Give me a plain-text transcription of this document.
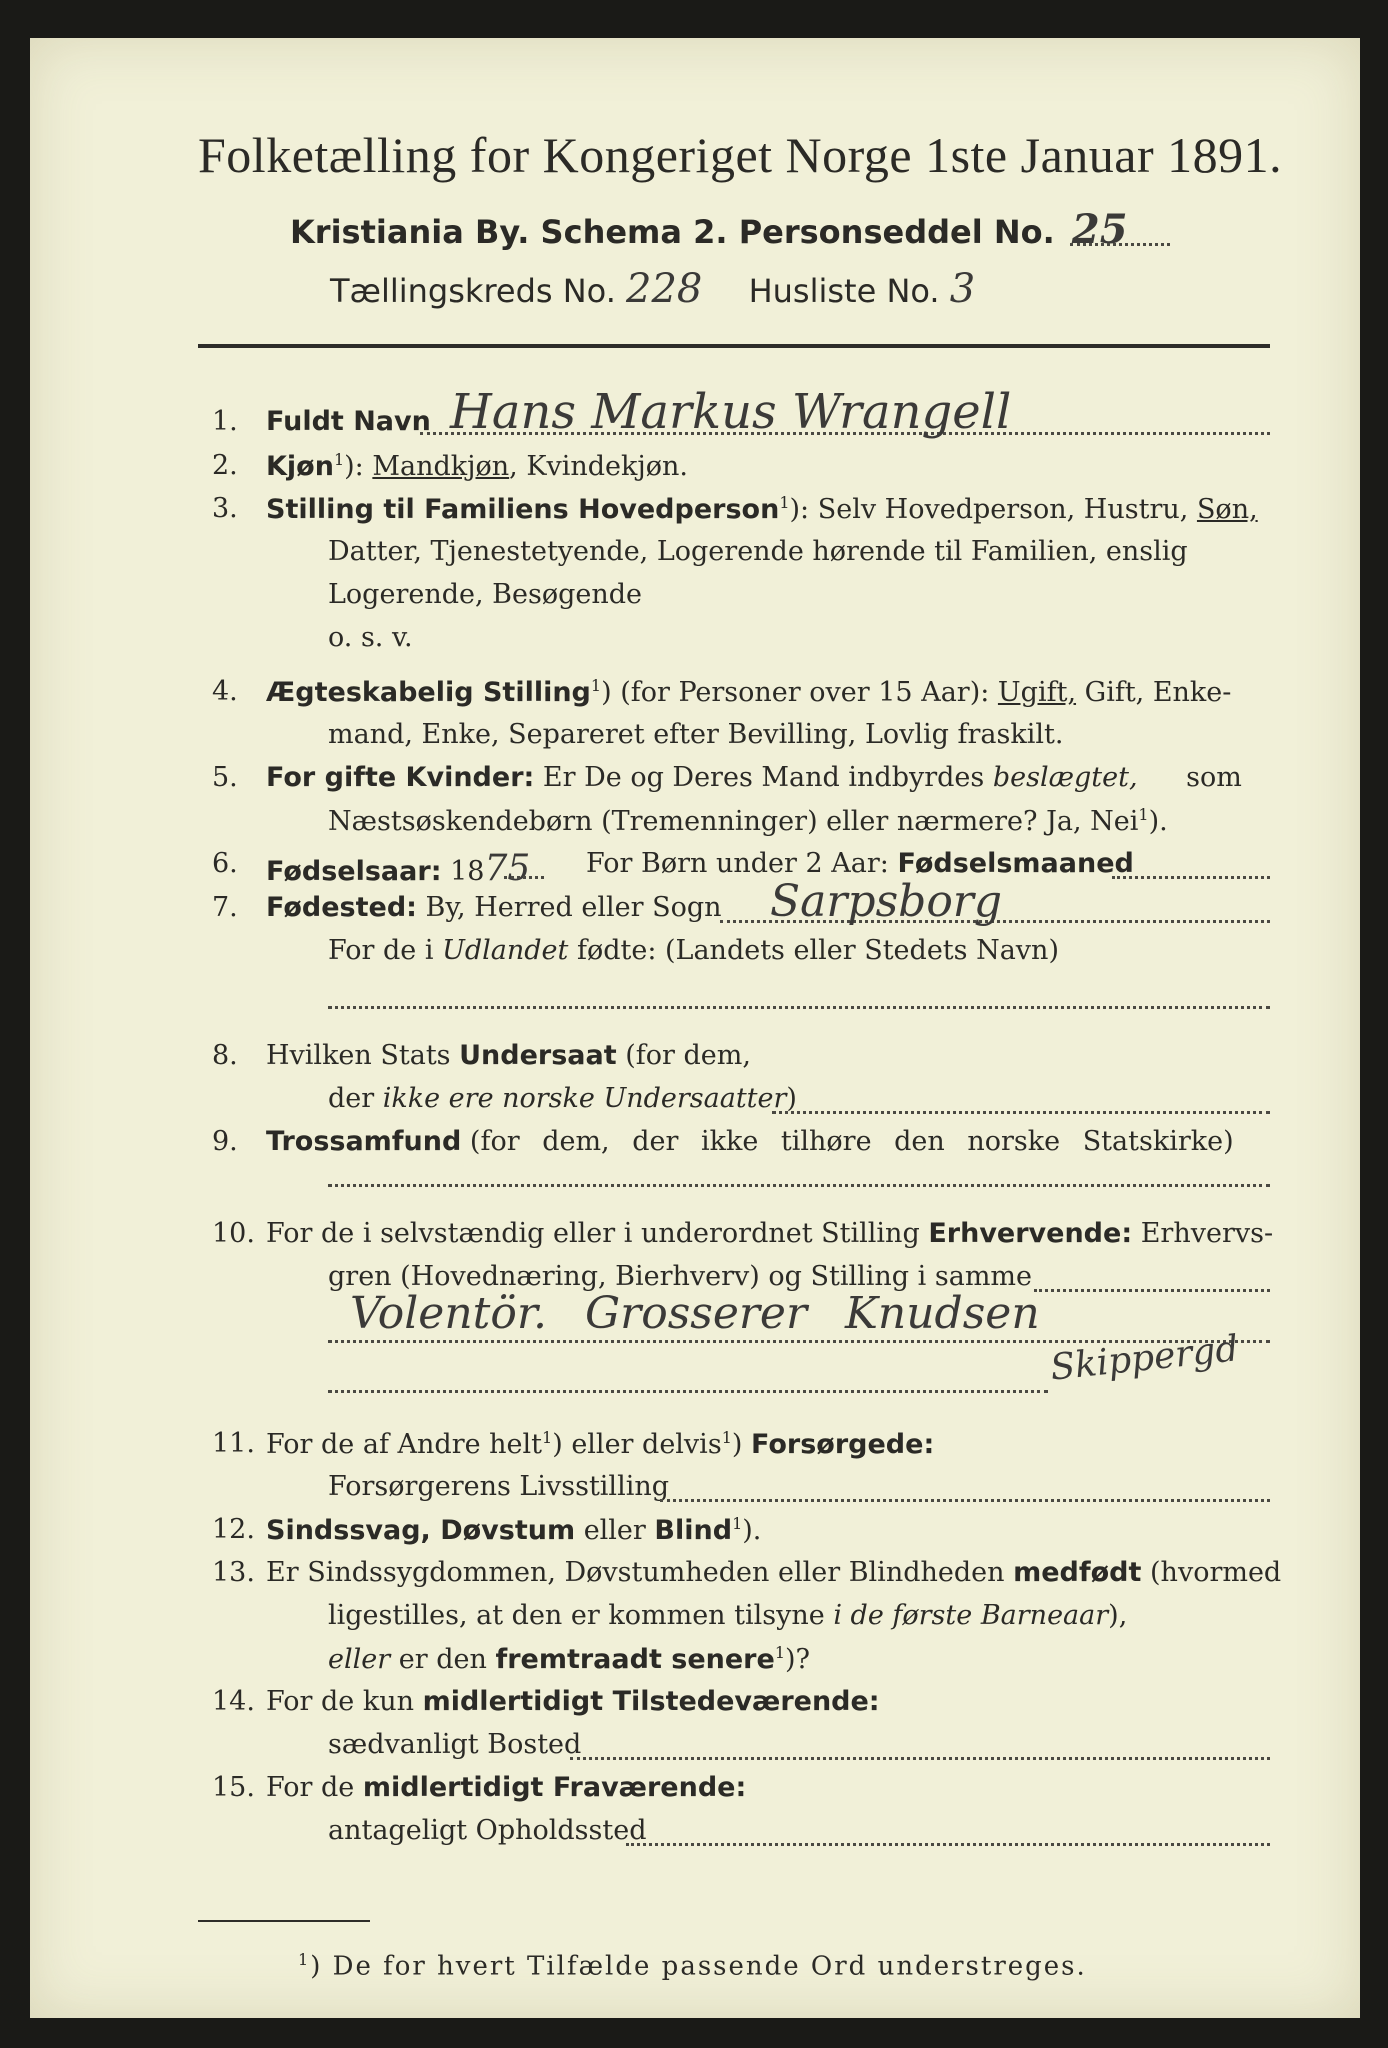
Folketælling for Kongeriget Norge 1ste Januar 1891.
Kristiania By. Schema 2. Personseddel No. 25
Tællingskreds No. 228 Husliste No. 3
1. Fuldt Navn Hans Markus Wrangell
2. Kjøn$^1$): Mandkjøn, Kvindekjøn.
3. Stilling til Familiens Hovedperson$^1$): Selv Hovedperson, Hustru, Søn,
Datter, Tjenestetyende, Logerende hørende til Familien, enslig
Logerende, Besøgende
o. s. v.
4. Ægteskabelig Stilling$^1$) (for Personer over 15 Aar): Ugift, Gift, Enke-
mand, Enke, Separeret efter Bevilling, Lovlig fraskilt.
5. For gifte Kvinder: Er De og Deres Mand indbyrdes beslægtet, som
Næstsøskendebørn (Tremenninger) eller nærmere? Ja, Nei$^1$).
6. Fødselsaar: 1875 For Børn under 2 Aar: Fødselsmaaned
7. Fødested: By, Herred eller Sogn Sarpsborg
For de i Udlandet fødte: (Landets eller Stedets Navn)
8. Hvilken Stats Undersaat (for dem,
der ikke ere norske Undersaatter)
9. Trossamfund (for dem, der ikke tilhøre den norske Statskirke)
10. For de i selvstændig eller i underordnet Stilling Erhvervende: Erhvervs-
gren (Hovednæring, Bierhverv) og Stilling i samme
Volentör. Grosserer Knudsen
Skippergd
11. For de af Andre helt$^1$) eller delvis$^1$) Forsørgede:
Forsørgerens Livsstilling
12. Sindssvag, Døvstum eller Blind$^1$).
13. Er Sindssygdommen, Døvstumheden eller Blindheden medfødt (hvormed
ligestilles, at den er kommen tilsyne i de første Barneaar),
eller er den fremtraadt senere$^1$)?
14. For de kun midlertidigt Tilstedeværende:
sædvanligt Bosted
15. For de midlertidigt Fraværende:
antageligt Opholdssted
$^1$) De for hvert Tilfælde passende Ord understreges.
